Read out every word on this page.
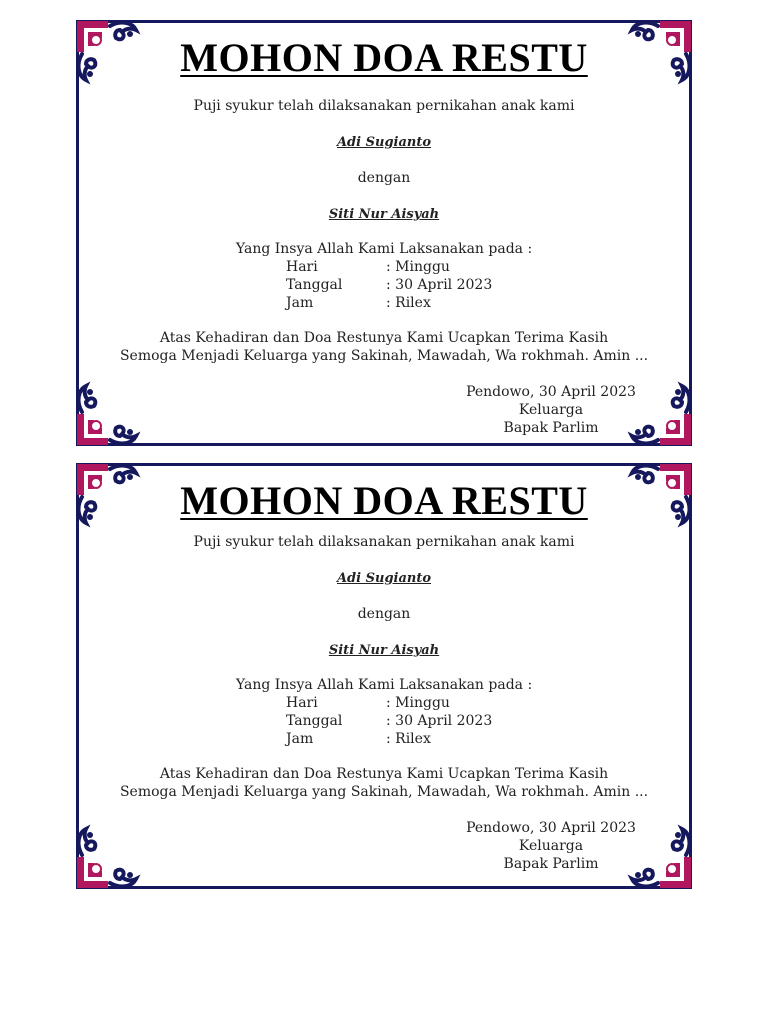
MOHON DOA RESTU
Puji syukur telah dilaksanakan pernikahan anak kami
Adi Sugianto
dengan
Siti Nur Aisyah
Yang Insya Allah Kami Laksanakan pada :
Hari	: Minggu
Tanggal	: 30 April 2023
Jam	: Rilex
Atas Kehadiran dan Doa Restunya Kami Ucapkan Terima Kasih
Semoga Menjadi Keluarga yang Sakinah, Mawadah, Wa rokhmah. Amin ...
Pendowo, 30 April 2023
Keluarga
Bapak Parlim
MOHON DOA RESTU
Puji syukur telah dilaksanakan pernikahan anak kami
Adi Sugianto
dengan
Siti Nur Aisyah
Yang Insya Allah Kami Laksanakan pada :
Hari	: Minggu
Tanggal	: 30 April 2023
Jam	: Rilex
Atas Kehadiran dan Doa Restunya Kami Ucapkan Terima Kasih
Semoga Menjadi Keluarga yang Sakinah, Mawadah, Wa rokhmah. Amin ...
Pendowo, 30 April 2023
Keluarga
Bapak Parlim
